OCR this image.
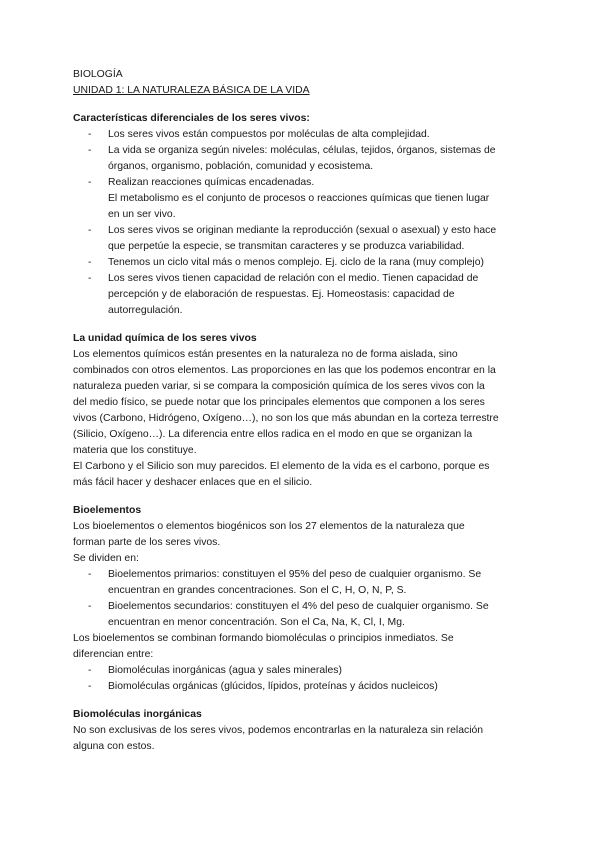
BIOLOGÍA
UNIDAD 1: LA NATURALEZA BÁSICA DE LA VIDA
Características diferenciales de los seres vivos:
- Los seres vivos están compuestos por moléculas de alta complejidad.
- La vida se organiza según niveles: moléculas, células, tejidos, órganos, sistemas de
órganos, organismo, población, comunidad y ecosistema.
- Realizan reacciones químicas encadenadas.
El metabolismo es el conjunto de procesos o reacciones químicas que tienen lugar
en un ser vivo.
- Los seres vivos se originan mediante la reproducción (sexual o asexual) y esto hace
que perpetúe la especie, se transmitan caracteres y se produzca variabilidad.
- Tenemos un ciclo vital más o menos complejo. Ej. ciclo de la rana (muy complejo)
- Los seres vivos tienen capacidad de relación con el medio. Tienen capacidad de
percepción y de elaboración de respuestas. Ej. Homeostasis: capacidad de
autorregulación.
La unidad química de los seres vivos
Los elementos químicos están presentes en la naturaleza no de forma aislada, sino
combinados con otros elementos. Las proporciones en las que los podemos encontrar en la
naturaleza pueden variar, si se compara la composición química de los seres vivos con la
del medio físico, se puede notar que los principales elementos que componen a los seres
vivos (Carbono, Hidrógeno, Oxígeno…), no son los que más abundan en la corteza terrestre
(Silicio, Oxígeno…). La diferencia entre ellos radica en el modo en que se organizan la
materia que los constituye.
El Carbono y el Silicio son muy parecidos. El elemento de la vida es el carbono, porque es
más fácil hacer y deshacer enlaces que en el silicio.
Bioelementos
Los bioelementos o elementos biogénicos son los 27 elementos de la naturaleza que
forman parte de los seres vivos.
Se dividen en:
- Bioelementos primarios: constituyen el 95% del peso de cualquier organismo. Se
encuentran en grandes concentraciones. Son el C, H, O, N, P, S.
- Bioelementos secundarios: constituyen el 4% del peso de cualquier organismo. Se
encuentran en menor concentración. Son el Ca, Na, K, Cl, I, Mg.
Los bioelementos se combinan formando biomoléculas o principios inmediatos. Se
diferencian entre:
- Biomoléculas inorgánicas (agua y sales minerales)
- Biomoléculas orgánicas (glúcidos, lípidos, proteínas y ácidos nucleicos)
Biomoléculas inorgánicas
No son exclusivas de los seres vivos, podemos encontrarlas en la naturaleza sin relación
alguna con estos.
